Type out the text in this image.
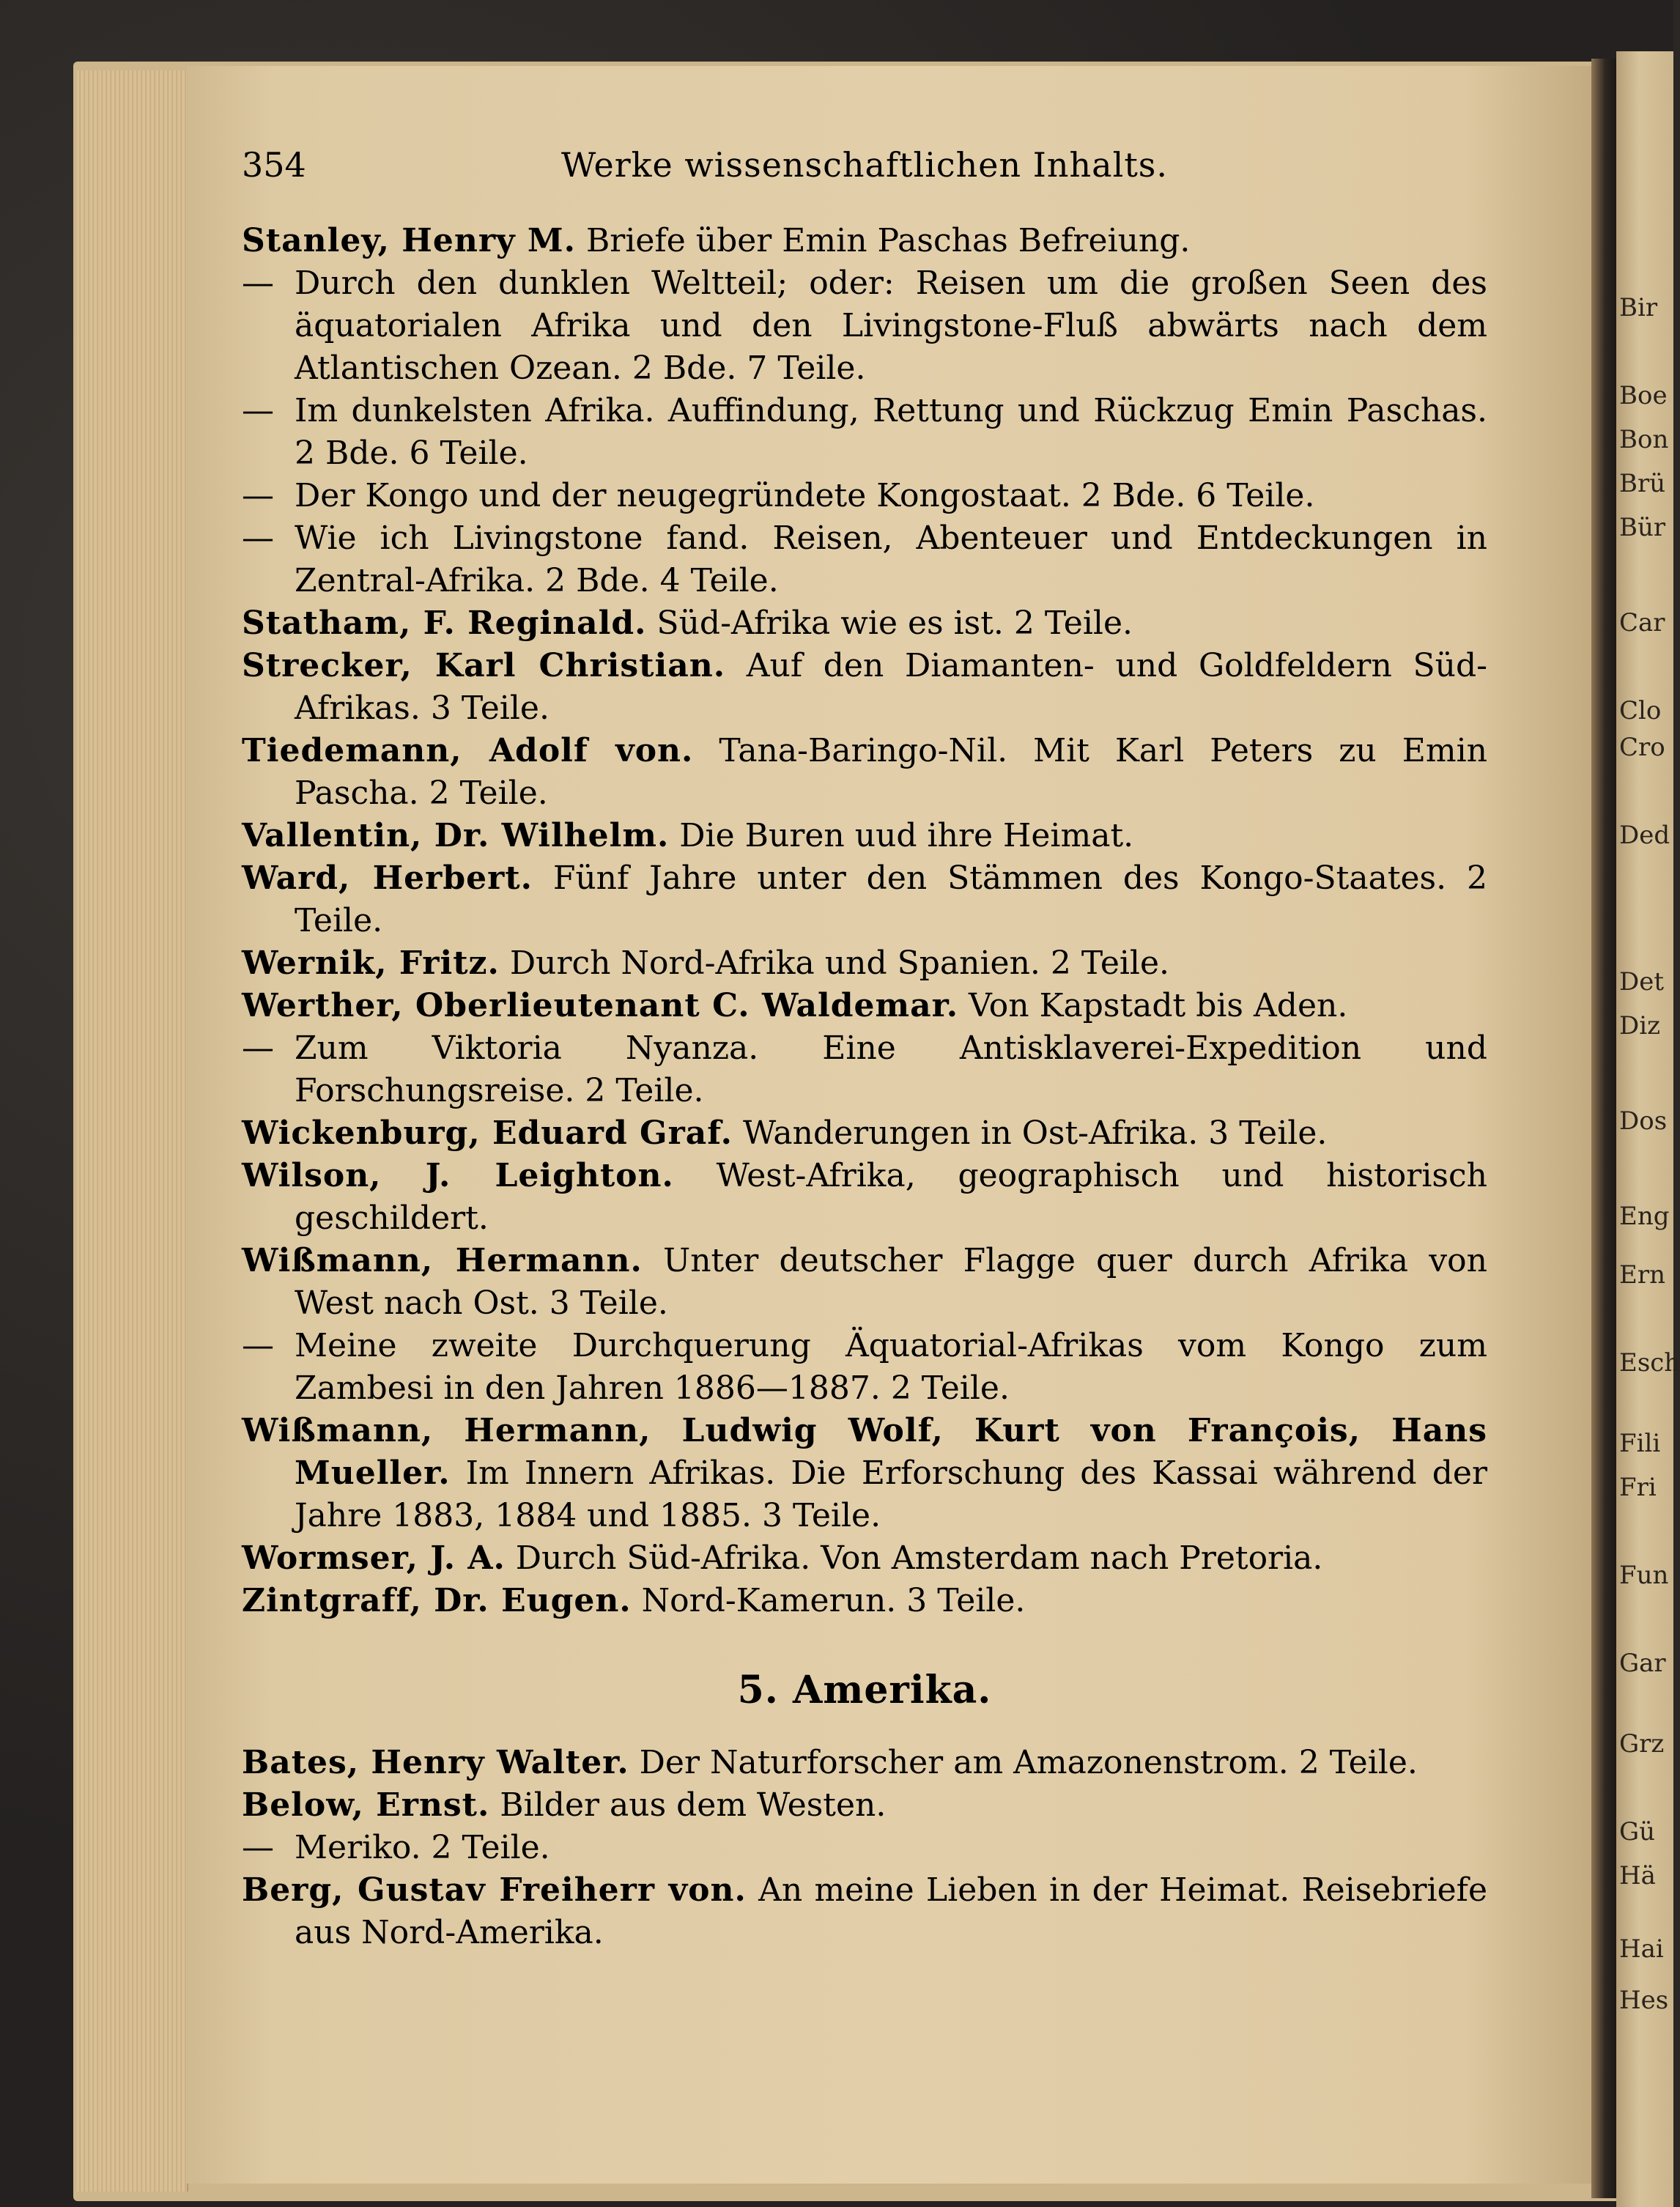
354	Werke wissenschaftlichen Inhalts.

Stanley, Henry M. Briefe über Emin Paschas Befreiung.

— Durch den dunklen Weltteil; oder: Reisen um die großen Seen des äquatorialen Afrika und den Livingstone-Fluß abwärts nach dem Atlantischen Ozean. 2 Bde. 7 Teile.

— Im dunkelsten Afrika. Auffindung, Rettung und Rückzug Emin Paschas. 2 Bde. 6 Teile.

— Der Kongo und der neugegründete Kongostaat. 2 Bde. 6 Teile.

— Wie ich Livingstone fand. Reisen, Abenteuer und Entdeckungen in Zentral-Afrika. 2 Bde. 4 Teile.

Statham, F. Reginald. Süd-Afrika wie es ist. 2 Teile.

Strecker, Karl Christian. Auf den Diamanten- und Goldfeldern Süd-Afrikas. 3 Teile.

Tiedemann, Adolf von. Tana-Baringo-Nil. Mit Karl Peters zu Emin Pascha. 2 Teile.

Vallentin, Dr. Wilhelm. Die Buren uud ihre Heimat.

Ward, Herbert. Fünf Jahre unter den Stämmen des Kongo-Staates. 2 Teile.

Wernik, Fritz. Durch Nord-Afrika und Spanien. 2 Teile.

Werther, Oberlieutenant C. Waldemar. Von Kapstadt bis Aden.

— Zum Viktoria Nyanza. Eine Antisklaverei-Expedition und Forschungsreise. 2 Teile.

Wickenburg, Eduard Graf. Wanderungen in Ost-Afrika. 3 Teile.

Wilson, J. Leighton. West-Afrika, geographisch und historisch geschildert.

Wißmann, Hermann. Unter deutscher Flagge quer durch Afrika von West nach Ost. 3 Teile.

— Meine zweite Durchquerung Äquatorial-Afrikas vom Kongo zum Zambesi in den Jahren 1886—1887. 2 Teile.

Wißmann, Hermann, Ludwig Wolf, Kurt von François, Hans Mueller. Im Innern Afrikas. Die Erforschung des Kassai während der Jahre 1883, 1884 und 1885. 3 Teile.

Wormser, J. A. Durch Süd-Afrika. Von Amsterdam nach Pretoria.

Zintgraff, Dr. Eugen. Nord-Kamerun. 3 Teile.

5. Amerika.

Bates, Henry Walter. Der Naturforscher am Amazonenstrom. 2 Teile.

Below, Ernst. Bilder aus dem Westen.

— Meriko. 2 Teile.

Berg, Gustav Freiherr von. An meine Lieben in der Heimat. Reisebriefe aus Nord-Amerika.

Bir
Boe
Bon
Brü
Bür
Car
Clo
Cro
Ded
Det
Diz
Dos
Eng
Ern
Esch
Fili
Fri
Fun
Gar
Grz
Gü
Hä
Hai
Hes
